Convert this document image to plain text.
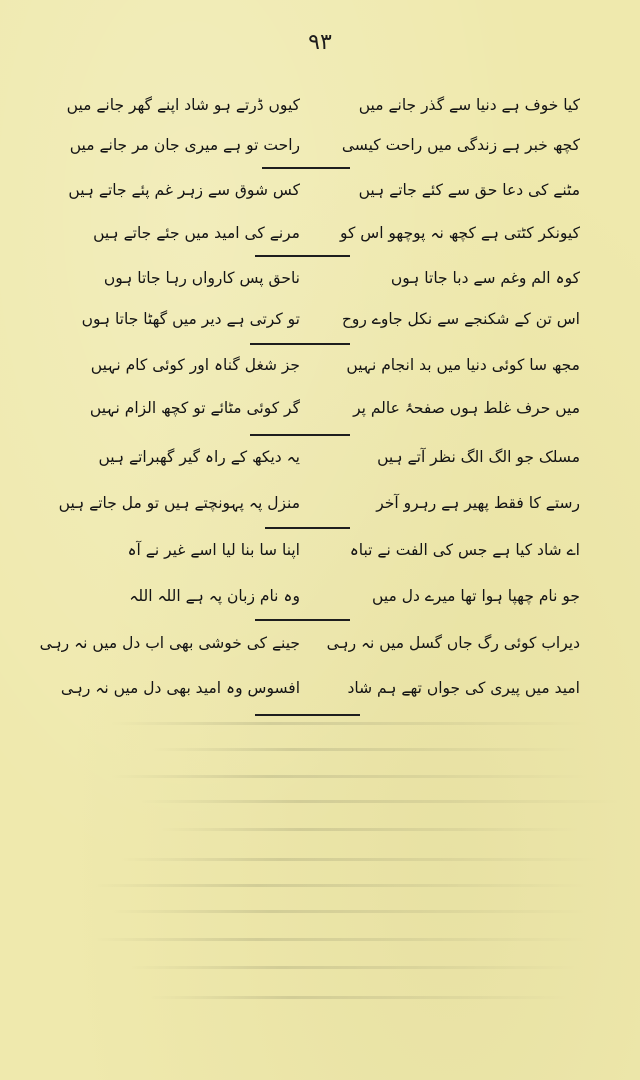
۹۳
کیا خوف ہے دنیا سے گذر جانے میں
کچھ خبر ہے زندگی میں راحت کیسی
مٹنے کی دعا حق سے کئے جاتے ہیں
کیونکر کٹتی ہے کچھ نہ پوچھو اس کو
کوہ الم وغم سے دبا جاتا ہوں
اس تن کے شکنجے سے نکل جاوے روح
مجھ سا کوئی دنیا میں بد انجام نہیں
میں حرف غلط ہوں صفحۂ عالم پر
مسلک جو الگ الگ نظر آتے ہیں
رستے کا فقط پھیر ہے رہرو آخر
اے شاد کیا ہے جس کی الفت نے تباہ
جو نام چھپا ہوا تھا میرے دل میں
دیراب کوئی رگ جاں گسل میں نہ رہی
امید میں پیری کی جواں تھے ہم شاد
کیوں ڈرتے ہو شاد اپنے گھر جانے میں
راحت تو ہے میری جان مر جانے میں
کس شوق سے زہر غم پئے جاتے ہیں
مرنے کی امید میں جئے جاتے ہیں
ناحق پس کارواں رہا جاتا ہوں
تو کرتی ہے دیر میں گھٹا جاتا ہوں
جز شغل گناہ اور کوئی کام نہیں
گر کوئی مٹائے تو کچھ الزام نہیں
یہ دیکھ کے راہ گیر گھبراتے ہیں
منزل پہ پہونچتے ہیں تو مل جاتے ہیں
اپنا سا بنا لیا اسے غیر نے آہ
وہ نام زبان پہ ہے اللہ اللہ
جینے کی خوشی بھی اب دل میں نہ رہی
افسوس وہ امید بھی دل میں نہ رہی
